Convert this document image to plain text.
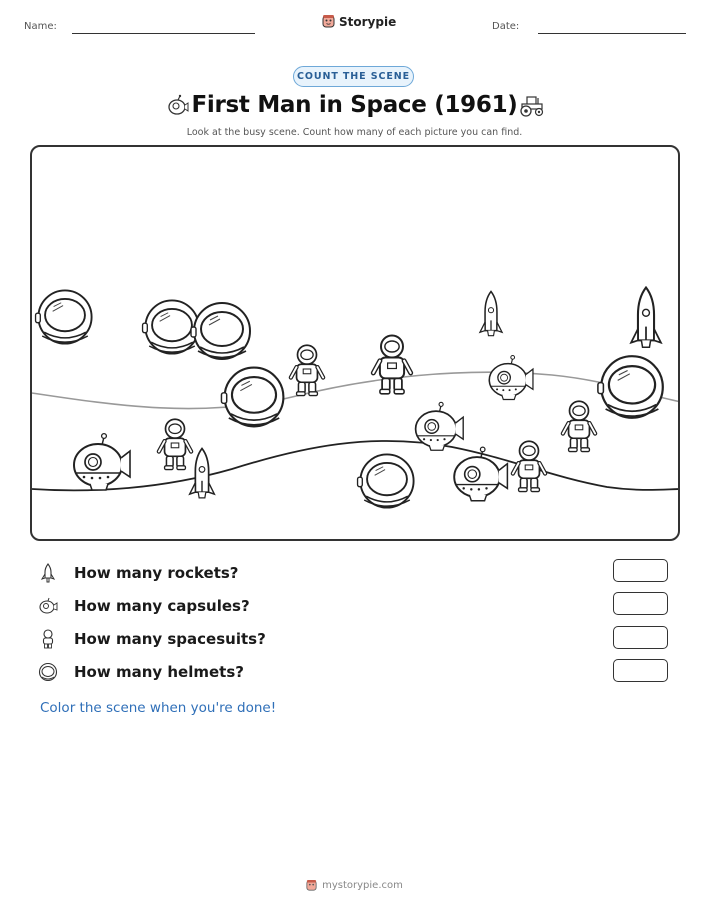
Name:	Storypie	Date:
COUNT THE SCENE
First Man in Space (1961)
Look at the busy scene. Count how many of each picture you can find.
How many rockets?
How many capsules?
How many spacesuits?
How many helmets?
Color the scene when you're done!
mystorypie.com
